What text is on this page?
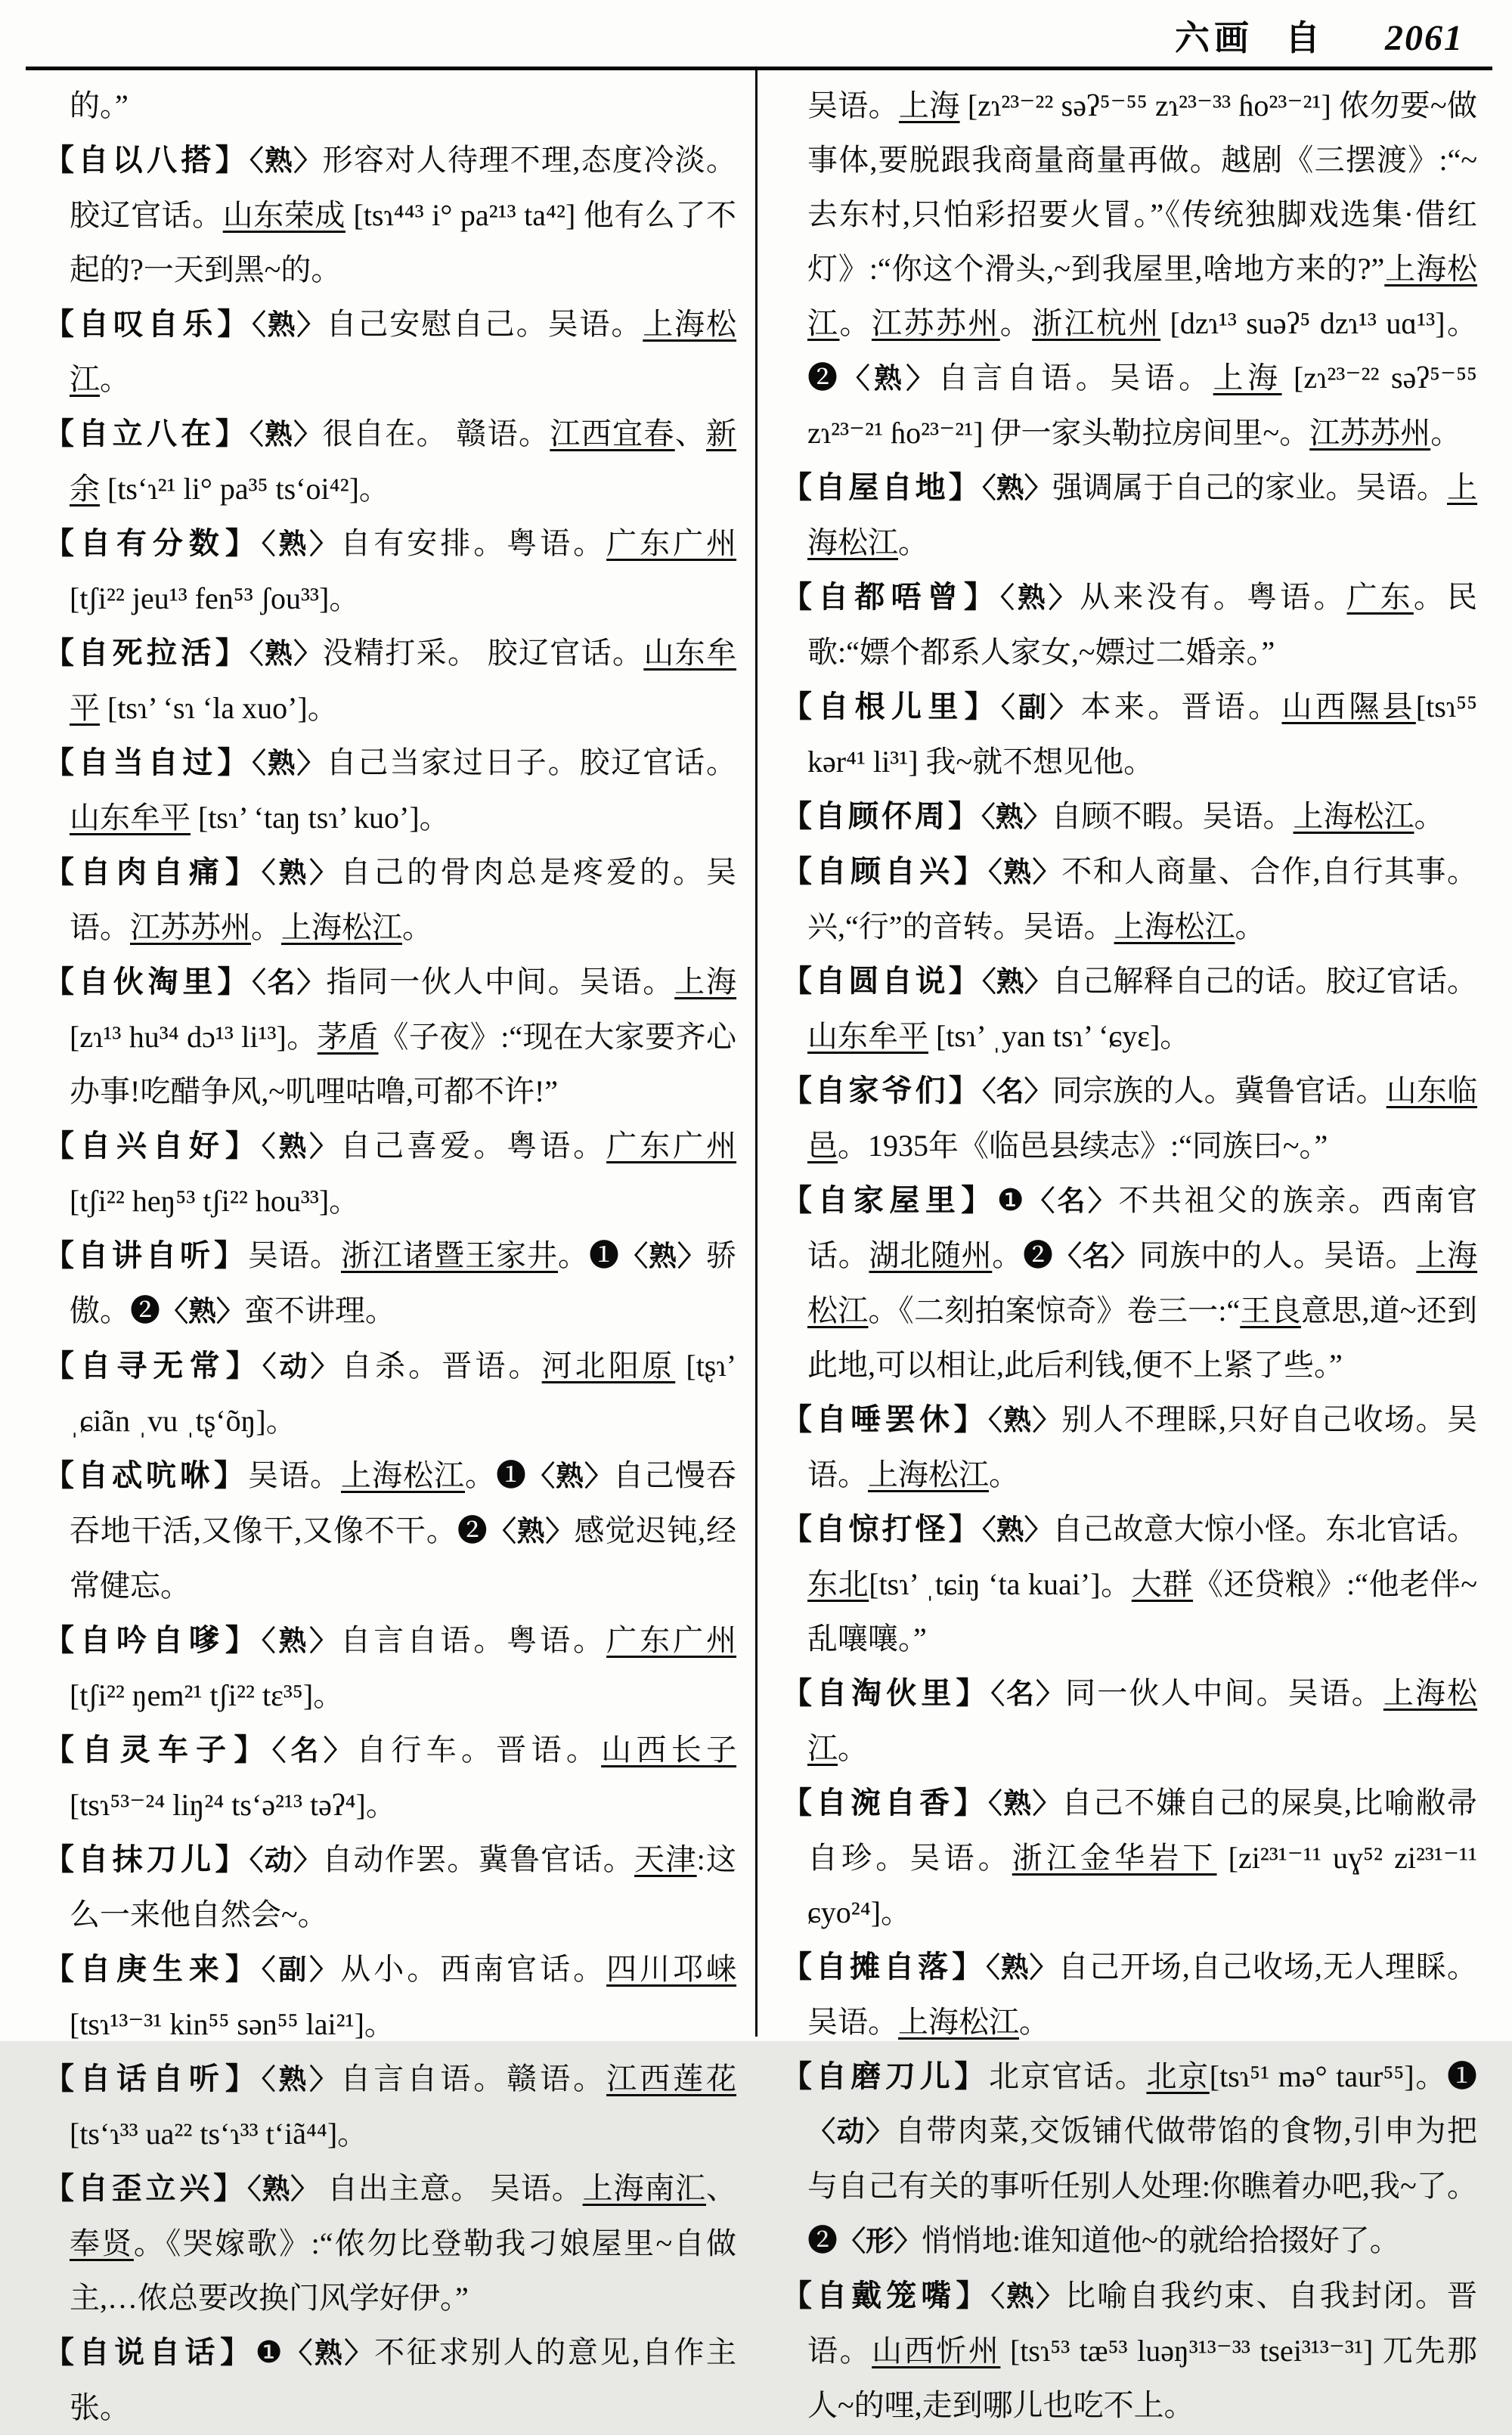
六画 自 2061
的。”
【自以八搭】〈熟〉形容对人待理不理,态度冷淡。胶辽官话。山东荣成 [tsɿ⁴⁴³ i° pa²¹³ ta⁴²] 他有么了不起的?一天到黑~的。
【自叹自乐】〈熟〉自己安慰自己。吴语。上海松江。
【自立八在】〈熟〉很自在。 赣语。江西宜春、新余 [ts‘ɿ²¹ li° pa³⁵ ts‘oi⁴²]。
【自有分数】〈熟〉自有安排。粤语。广东广州 [tʃi²² jeu¹³ fen⁵³ ʃou³³]。
【自死拉活】〈熟〉没精打采。 胶辽官话。山东牟平 [tsɿ’ ‘sɿ ‘la xuo’]。
【自当自过】〈熟〉自己当家过日子。胶辽官话。山东牟平 [tsɿ’ ‘taŋ tsɿ’ kuo’]。
【自肉自痛】〈熟〉自己的骨肉总是疼爱的。吴语。江苏苏州。上海松江。
【自伙淘里】〈名〉指同一伙人中间。吴语。上海 [zɿ¹³ hu³⁴ dɔ¹³ li¹³]。茅盾《子夜》:“现在大家要齐心办事!吃醋争风,~叽哩咕噜,可都不许!”
【自兴自好】〈熟〉自己喜爱。粤语。广东广州 [tʃi²² heŋ⁵³ tʃi²² hou³³]。
【自讲自听】吴语。浙江诸暨王家井。❶〈熟〉骄傲。❷〈熟〉蛮不讲理。
【自寻无常】〈动〉自杀。晋语。河北阳原 [tʂɿ’ ˌɕiãn ˌvu ˌtʂ‘õŋ]。
【自忒吭咻】吴语。上海松江。❶〈熟〉自己慢吞吞地干活,又像干,又像不干。❷〈熟〉感觉迟钝,经常健忘。
【自吟自嗲】〈熟〉自言自语。粤语。广东广州 [tʃi²² ŋem²¹ tʃi²² tɛ³⁵]。
【自灵车子】〈名〉自行车。晋语。山西长子 [tsɿ⁵³⁻²⁴ liŋ²⁴ ts‘ə²¹³ təʔ⁴]。
【自抹刀儿】〈动〉自动作罢。冀鲁官话。天津:这么一来他自然会~。
【自庚生来】〈副〉从小。西南官话。四川邛崃[tsɿ¹³⁻³¹ kin⁵⁵ sən⁵⁵ lai²¹]。
【自话自听】〈熟〉自言自语。赣语。江西莲花[ts‘ɿ³³ ua²² ts‘ɿ³³ t‘iã⁴⁴]。
【自歪立兴】〈熟〉 自出主意。 吴语。上海南汇、奉贤。《哭嫁歌》:“侬勿比登勒我刁娘屋里~自做主,…侬总要改换门风学好伊。”
【自说自话】❶〈熟〉不征求别人的意见,自作主张。
吴语。上海 [zɿ²³⁻²² səʔ⁵⁻⁵⁵ zɿ²³⁻³³ ɦo²³⁻²¹] 侬勿要~做事体,要脱跟我商量商量再做。越剧《三摆渡》:“~去东村,只怕彩招要火冒。”《传统独脚戏选集·借红灯》:“你这个滑头,~到我屋里,啥地方来的?”上海松江。江苏苏州。浙江杭州 [dzɿ¹³ suəʔ⁵ dzɿ¹³ uɑ¹³]。❷〈熟〉自言自语。吴语。上海 [zɿ²³⁻²² səʔ⁵⁻⁵⁵ zɿ²³⁻²¹ ɦo²³⁻²¹] 伊一家头勒拉房间里~。江苏苏州。
【自屋自地】〈熟〉强调属于自己的家业。吴语。上海松江。
【自都唔曾】〈熟〉从来没有。粤语。广东。民歌:“嫖个都系人家女,~嫖过二婚亲。”
【自根儿里】〈副〉本来。晋语。山西隰县[tsɿ⁵⁵ kər⁴¹ li³¹] 我~就不想见他。
【自顾伓周】〈熟〉自顾不暇。吴语。上海松江。
【自顾自兴】〈熟〉不和人商量、合作,自行其事。兴,“行”的音转。吴语。上海松江。
【自圆自说】〈熟〉自己解释自己的话。胶辽官话。山东牟平 [tsɿ’ ˌyan tsɿ’ ‘ɕyɛ]。
【自家爷们】〈名〉同宗族的人。冀鲁官话。山东临邑。1935年《临邑县续志》:“同族曰~。”
【自家屋里】❶〈名〉不共祖父的族亲。西南官话。湖北随州。❷〈名〉同族中的人。吴语。上海松江。《二刻拍案惊奇》卷三一:“王良意思,道~还到此地,可以相让,此后利钱,便不上紧了些。”
【自唾罢休】〈熟〉别人不理睬,只好自己收场。吴语。上海松江。
【自惊打怪】〈熟〉自己故意大惊小怪。东北官话。东北[tsɿ’ ˌtɕiŋ ‘ta kuai’]。大群《还贷粮》:“他老伴~乱嚷嚷。”
【自淘伙里】〈名〉同一伙人中间。吴语。上海松江。
【自涴自香】〈熟〉自己不嫌自己的屎臭,比喻敝帚自珍。吴语。浙江金华岩下 [zi²³¹⁻¹¹ uɣ⁵² zi²³¹⁻¹¹ ɕyo²⁴]。
【自摊自落】〈熟〉自己开场,自己收场,无人理睬。吴语。上海松江。
【自磨刀儿】北京官话。北京[tsɿ⁵¹ mə° taur⁵⁵]。❶〈动〉自带肉菜,交饭铺代做带馅的食物,引申为把与自己有关的事听任别人处理:你瞧着办吧,我~了。❷〈形〉悄悄地:谁知道他~的就给拾掇好了。
【自戴笼嘴】〈熟〉比喻自我约束、自我封闭。晋语。山西忻州 [tsɿ⁵³ tæ⁵³ luəŋ³¹³⁻³³ tsei³¹³⁻³¹] 兀先那人~的哩,走到哪儿也吃不上。
